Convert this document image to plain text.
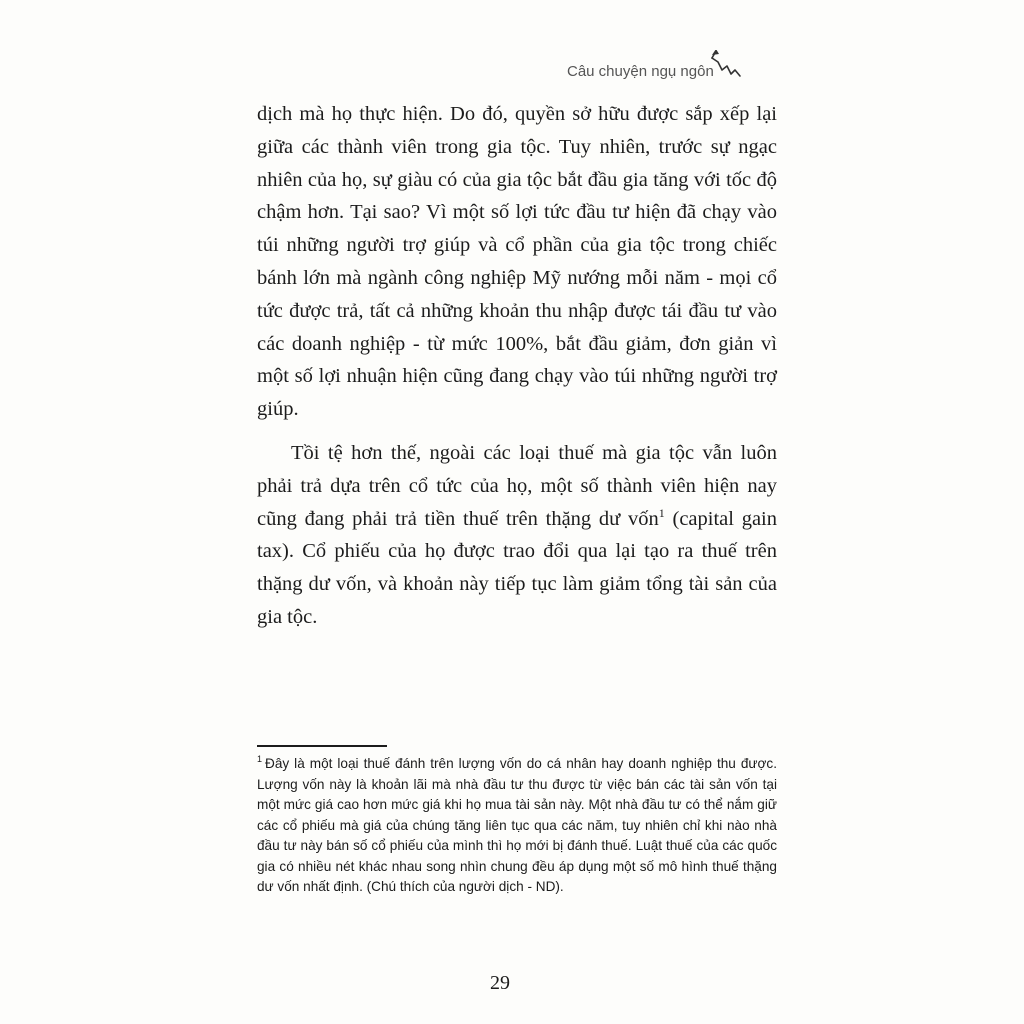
Câu chuyện ngụ ngôn

dịch mà họ thực hiện. Do đó, quyền sở hữu được sắp xếp lại giữa các thành viên trong gia tộc. Tuy nhiên, trước sự ngạc nhiên của họ, sự giàu có của gia tộc bắt đầu gia tăng với tốc độ chậm hơn. Tại sao? Vì một số lợi tức đầu tư hiện đã chạy vào túi những người trợ giúp và cổ phần của gia tộc trong chiếc bánh lớn mà ngành công nghiệp Mỹ nướng mỗi năm - mọi cổ tức được trả, tất cả những khoản thu nhập được tái đầu tư vào các doanh nghiệp - từ mức 100%, bắt đầu giảm, đơn giản vì một số lợi nhuận hiện cũng đang chạy vào túi những người trợ giúp.

Tồi tệ hơn thế, ngoài các loại thuế mà gia tộc vẫn luôn phải trả dựa trên cổ tức của họ, một số thành viên hiện nay cũng đang phải trả tiền thuế trên thặng dư vốn$^1$ (capital gain tax). Cổ phiếu của họ được trao đổi qua lại tạo ra thuế trên thặng dư vốn, và khoản này tiếp tục làm giảm tổng tài sản của gia tộc.

$^1$ Đây là một loại thuế đánh trên lượng vốn do cá nhân hay doanh nghiệp thu được. Lượng vốn này là khoản lãi mà nhà đầu tư thu được từ việc bán các tài sản vốn tại một mức giá cao hơn mức giá khi họ mua tài sản này. Một nhà đầu tư có thể nắm giữ các cổ phiếu mà giá của chúng tăng liên tục qua các năm, tuy nhiên chỉ khi nào nhà đầu tư này bán số cổ phiếu của mình thì họ mới bị đánh thuế. Luật thuế của các quốc gia có nhiều nét khác nhau song nhìn chung đều áp dụng một số mô hình thuế thặng dư vốn nhất định. (Chú thích của người dịch - ND).
29
